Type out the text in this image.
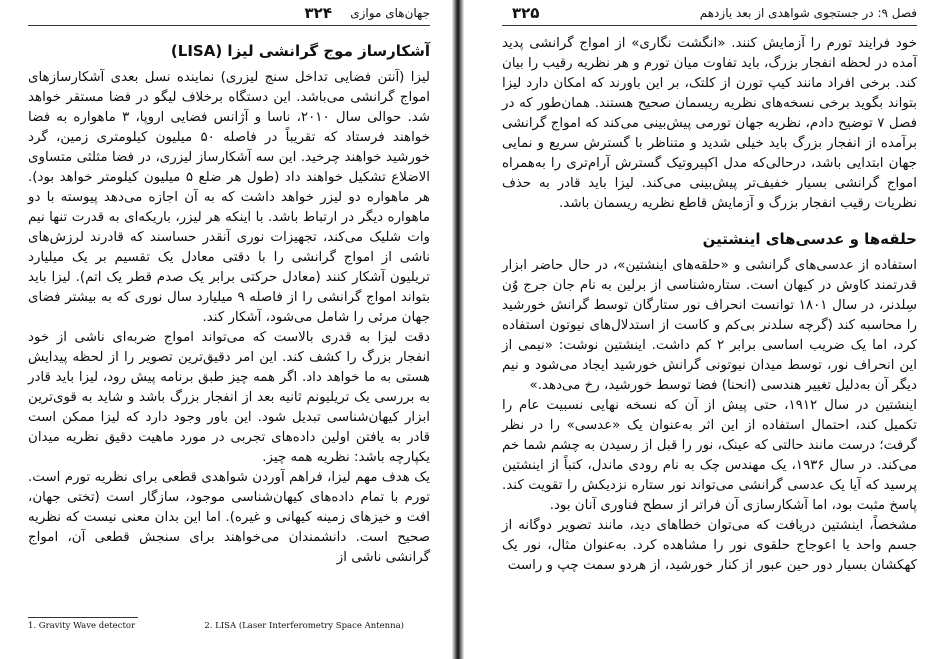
۳۲۴ جهان‌های موازی
آشکارساز موج گرانشی لیزا (LISA)

لیزا (آنتن فضایی تداخل سنج لیزری) نماینده نسل بعدی آشکارسازهای امواج گرانشی می‌باشد. این دستگاه برخلاف لیگو در فضا مستقر خواهد شد. حوالی سال ۲۰۱۰، ناسا و آژانس فضایی اروپا، ۳ ماهواره به فضا خواهند فرستاد که تقریباً در فاصله ۵۰ میلیون کیلومتری زمین، گرد خورشید خواهند چرخید. این سه آشکارساز لیزری، در فضا مثلثی متساوی الاضلاع تشکیل خواهند داد (طول هر ضلع ۵ میلیون کیلومتر خواهد بود). هر ماهواره دو لیزر خواهد داشت که به آن اجازه می‌دهد پیوسته با دو ماهواره دیگر در ارتباط باشد. با اینکه هر لیزر، باریکه‌ای به قدرت تنها نیم وات شلیک می‌کند، تجهیزات نوری آنقدر حساسند که قادرند لرزش‌های ناشی از امواج گرانشی را با دقتی معادل یک تقسیم بر یک میلیارد تریلیون آشکار کنند (معادل حرکتی برابر یک صدم قطر یک اتم). لیزا باید بتواند امواج گرانشی را از فاصله ۹ میلیارد سال نوری که به بیشتر فضای جهان مرئی را شامل می‌شود، آشکار کند.

دقت لیزا به قدری بالاست که می‌تواند امواج ضربه‌ای ناشی از خود انفجار بزرگ را کشف کند. این امر دقیق‌ترین تصویر را از لحظه پیدایش هستی به ما خواهد داد. اگر همه چیز طبق برنامه پیش رود، لیزا باید قادر به بررسی یک تریلیونم ثانیه بعد از انفجار بزرگ باشد و شاید به قوی‌ترین ابزار کیهان‌شناسی تبدیل شود. این باور وجود دارد که لیزا ممکن است قادر به یافتن اولین داده‌های تجربی در مورد ماهیت دقیق نظریه میدان یکپارچه باشد: نظریه همه چیز.

یک هدف مهم لیزا، فراهم آوردن شواهدی قطعی برای نظریه تورم است. تورم با تمام داده‌های کیهان‌شناسی موجود، سازگار است (تختی جهان، افت و خیزهای زمینه کیهانی و غیره). اما این بدان معنی نیست که نظریه صحیح است. دانشمندان می‌خواهند برای سنجش قطعی آن، امواج گرانشی ناشی از

1. Gravity Wave detector	2. LISA (Laser Interferometry Space Antenna)
۳۲۵	فصل ۹: در جستجوی شواهدی از بعد یازدهم

خود فرایند تورم را آزمایش کنند. «انگشت نگاری» از امواج گرانشی پدید آمده در لحظه انفجار بزرگ، باید تفاوت میان تورم و هر نظریه رقیب را بیان کند. برخی افراد مانند کیپ تورن از کلتک، بر این باورند که امکان دارد لیزا بتواند بگوید برخی نسخه‌های نظریه ریسمان صحیح هستند. همان‌طور که در فصل ۷ توضیح دادم، نظریه جهان تورمی پیش‌بینی می‌کند که امواج گرانشی برآمده از انفجار بزرگ باید خیلی شدید و متناظر با گسترش سریع و نمایی جهان ابتدایی باشد، درحالی‌که مدل اکپیروتیک گسترش آرام‌تری را به‌همراه امواج گرانشی بسیار خفیف‌تر پیش‌بینی می‌کند. لیزا باید قادر به حذف نظریات رقیب انفجار بزرگ و آزمایش قاطع نظریه ریسمان باشد.

حلقه‌ها و عدسی‌های اینشتین

استفاده از عدسی‌های گرانشی و «حلقه‌های اینشتین»، در حال حاضر ابزار قدرتمند کاوش در کیهان است. ستاره‌شناسی از برلین به نام جان جرج وُن سِلدنر، در سال ۱۸۰۱ توانست انحراف نور ستارگان توسط گرانش خورشید را محاسبه کند (گرچه سلدنر بی‌کم و کاست از استدلال‌های نیوتون استفاده کرد، اما یک ضریب اساسی برابر ۲ کم داشت. اینشتین نوشت: «نیمی از این انحراف نور، توسط میدان نیوتونی گرانش خورشید ایجاد می‌شود و نیم دیگر آن به‌دلیل تغییر هندسی (انحنا) فضا توسط خورشید، رخ می‌دهد.»

اینشتین در سال ۱۹۱۲، حتی پیش از آن که نسخه نهایی نسبیت عام را تکمیل کند، احتمال استفاده از این اثر به‌عنوان یک «عدسی» را در نظر گرفت؛ درست مانند حالتی که عینک، نور را قبل از رسیدن به چشم شما خم می‌کند. در سال ۱۹۳۶، یک مهندس چک به نام رودی ماندل، کتباً از اینشتین پرسید که آیا یک عدسی گرانشی می‌تواند نور ستاره نزدیکش را تقویت کند. پاسخ مثبت بود، اما آشکارسازی آن فراتر از سطح فناوری آنان بود.

مشخصاً، اینشتین دریافت که می‌توان خطاهای دید، مانند تصویر دوگانه از جسم واحد یا اعوجاج حلقوی نور را مشاهده کرد. به‌عنوان مثال، نور یک کهکشان بسیار دور حین عبور از کنار خورشید، از هردو سمت چپ و راست
